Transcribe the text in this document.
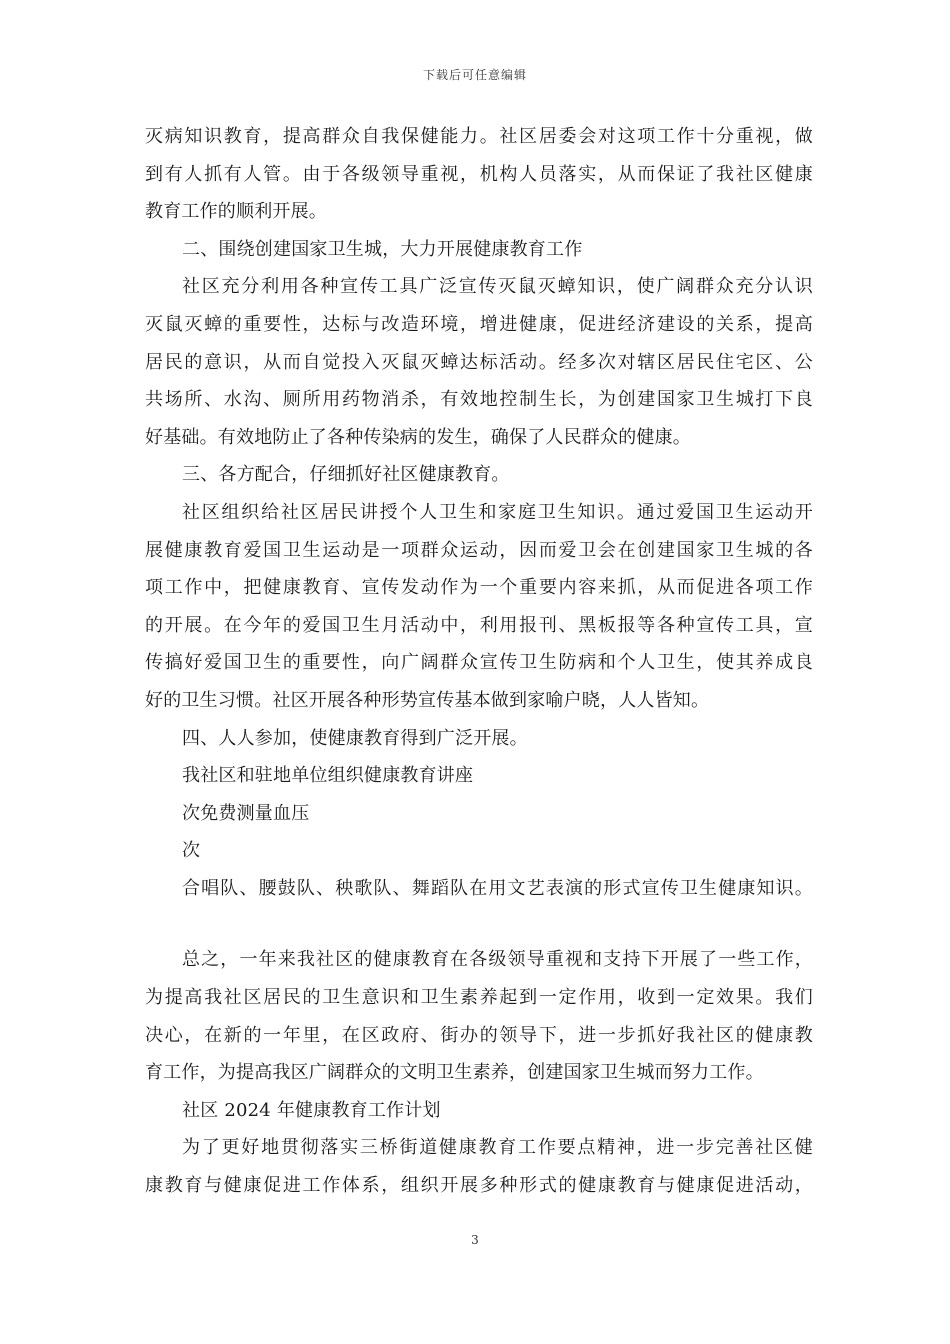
下载后可任意编辑
灭病知识教育，提高群众自我保健能力。社区居委会对这项工作十分重视，做
到有人抓有人管。由于各级领导重视，机构人员落实，从而保证了我社区健康
教育工作的顺利开展。
二、围绕创建国家卫生城，大力开展健康教育工作
社区充分利用各种宣传工具广泛宣传灭鼠灭蟑知识，使广阔群众充分认识
灭鼠灭蟑的重要性，达标与改造环境，增进健康，促进经济建设的关系，提高
居民的意识，从而自觉投入灭鼠灭蟑达标活动。经多次对辖区居民住宅区、公
共场所、水沟、厕所用药物消杀，有效地控制生长，为创建国家卫生城打下良
好基础。有效地防止了各种传染病的发生，确保了人民群众的健康。
三、各方配合，仔细抓好社区健康教育。
社区组织给社区居民讲授个人卫生和家庭卫生知识。通过爱国卫生运动开
展健康教育爱国卫生运动是一项群众运动，因而爱卫会在创建国家卫生城的各
项工作中，把健康教育、宣传发动作为一个重要内容来抓，从而促进各项工作
的开展。在今年的爱国卫生月活动中，利用报刊、黑板报等各种宣传工具，宣
传搞好爱国卫生的重要性，向广阔群众宣传卫生防病和个人卫生，使其养成良
好的卫生习惯。社区开展各种形势宣传基本做到家喻户晓，人人皆知。
四、人人参加，使健康教育得到广泛开展。
我社区和驻地单位组织健康教育讲座
次免费测量血压
次
合唱队、腰鼓队、秧歌队、舞蹈队在用文艺表演的形式宣传卫生健康知识。
总之，一年来我社区的健康教育在各级领导重视和支持下开展了一些工作，
为提高我社区居民的卫生意识和卫生素养起到一定作用，收到一定效果。我们
决心，在新的一年里，在区政府、街办的领导下，进一步抓好我社区的健康教
育工作，为提高我区广阔群众的文明卫生素养，创建国家卫生城而努力工作。
社区 2024 年健康教育工作计划
为了更好地贯彻落实三桥街道健康教育工作要点精神，进一步完善社区健
康教育与健康促进工作体系，组织开展多种形式的健康教育与健康促进活动，
3
